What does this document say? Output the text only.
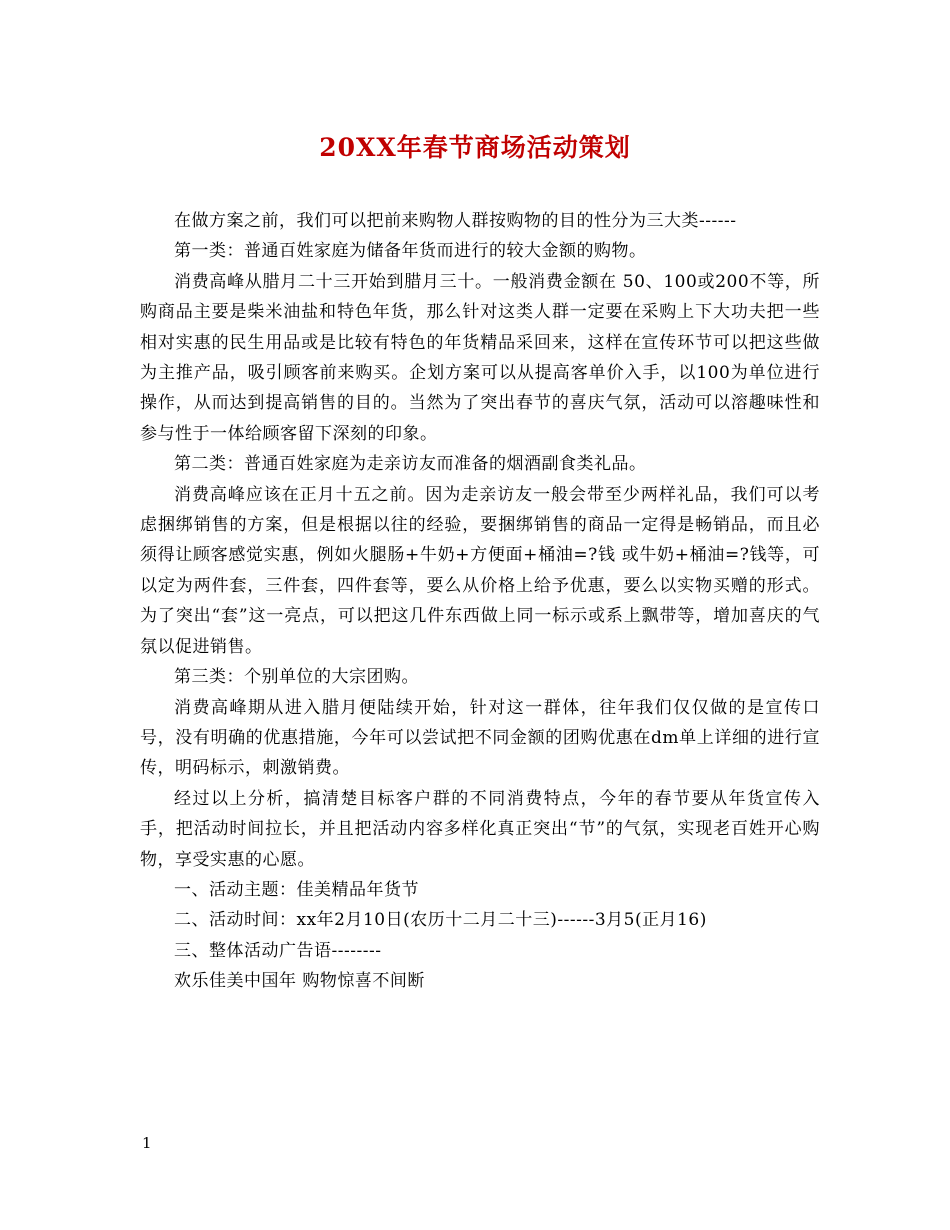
20XX年春节商场活动策划

在做方案之前，我们可以把前来购物人群按购物的目的性分为三大类------

第一类：普通百姓家庭为储备年货而进行的较大金额的购物。

消费高峰从腊月二十三开始到腊月三十。一般消费金额在 50、100或200不等，所购商品主要是柴米油盐和特色年货，那么针对这类人群一定要在采购上下大功夫把一些相对实惠的民生用品或是比较有特色的年货精品采回来，这样在宣传环节可以把这些做为主推产品，吸引顾客前来购买。企划方案可以从提高客单价入手，以100为单位进行操作，从而达到提高销售的目的。当然为了突出春节的喜庆气氛，活动可以溶趣味性和参与性于一体给顾客留下深刻的印象。

第二类：普通百姓家庭为走亲访友而准备的烟酒副食类礼品。

消费高峰应该在正月十五之前。因为走亲访友一般会带至少两样礼品，我们可以考虑捆绑销售的方案，但是根据以往的经验，要捆绑销售的商品一定得是畅销品，而且必须得让顾客感觉实惠，例如火腿肠+牛奶+方便面+桶油=?钱 或牛奶+桶油=?钱等，可以定为两件套，三件套，四件套等，要么从价格上给予优惠，要么以实物买赠的形式。为了突出“套”这一亮点，可以把这几件东西做上同一标示或系上飘带等，增加喜庆的气氛以促进销售。

第三类：个别单位的大宗团购。

消费高峰期从进入腊月便陆续开始，针对这一群体，往年我们仅仅做的是宣传口号，没有明确的优惠措施，今年可以尝试把不同金额的团购优惠在dm单上详细的进行宣传，明码标示，刺激销费。

经过以上分析，搞清楚目标客户群的不同消费特点，今年的春节要从年货宣传入手，把活动时间拉长，并且把活动内容多样化真正突出“节”的气氛，实现老百姓开心购物，享受实惠的心愿。

一、活动主题：佳美精品年货节

二、活动时间：xx年2月10日(农历十二月二十三)------3月5(正月16)

三、整体活动广告语--------

欢乐佳美中国年 购物惊喜不间断

1
